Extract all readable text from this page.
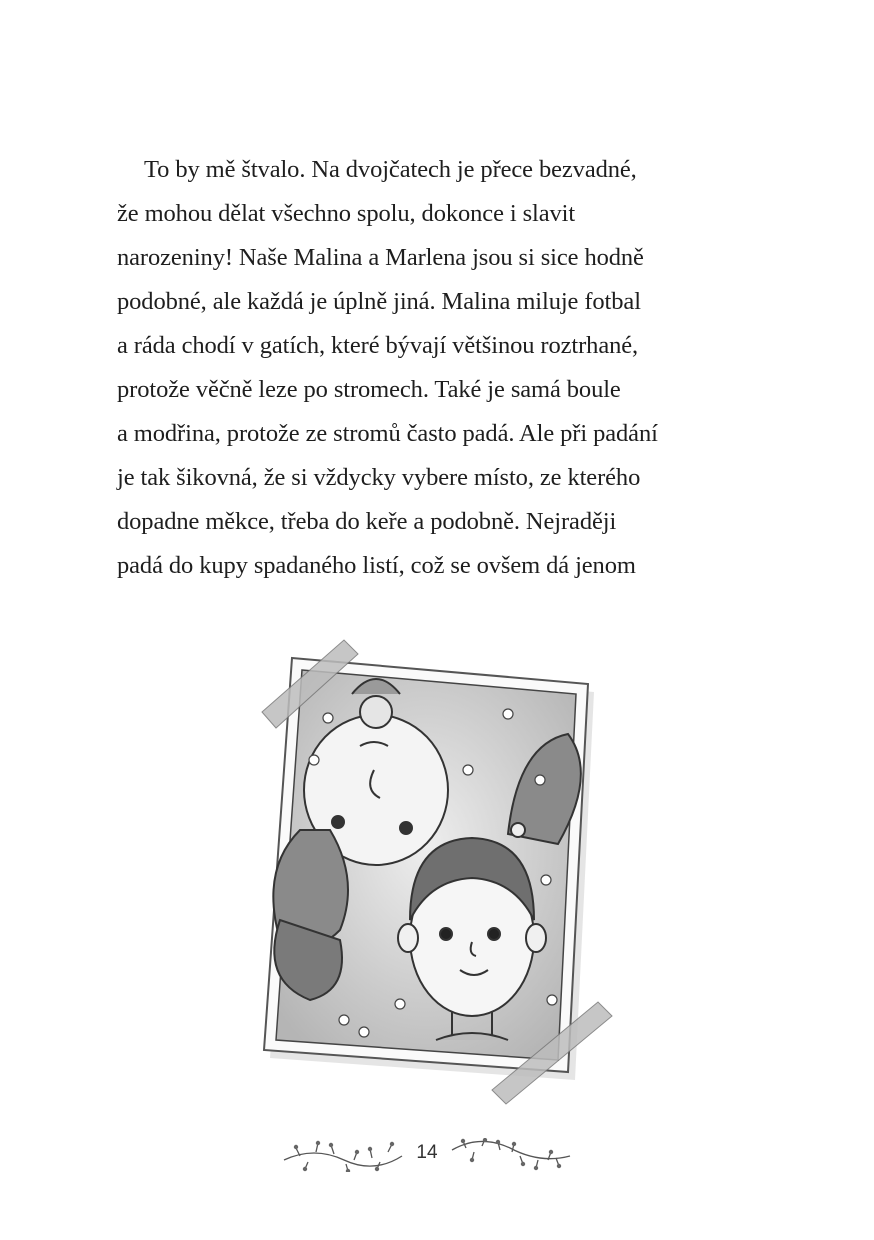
To by mě štvalo. Na dvojčatech je přece bezvadné,
že mohou dělat všechno spolu, dokonce i slavit
narozeniny! Naše Malina a Marlena jsou si sice hodně
podobné, ale každá je úplně jiná. Malina miluje fotbal
a ráda chodí v gatích, které bývají většinou roztrhané,
protože věčně leze po stromech. Také je samá boule
a modřina, protože ze stromů často padá. Ale při padání
je tak šikovná, že si vždycky vybere místo, ze kterého
dopadne měkce, třeba do keře a podobně. Nejraději
padá do kupy spadaného listí, což se ovšem dá jenom
14
